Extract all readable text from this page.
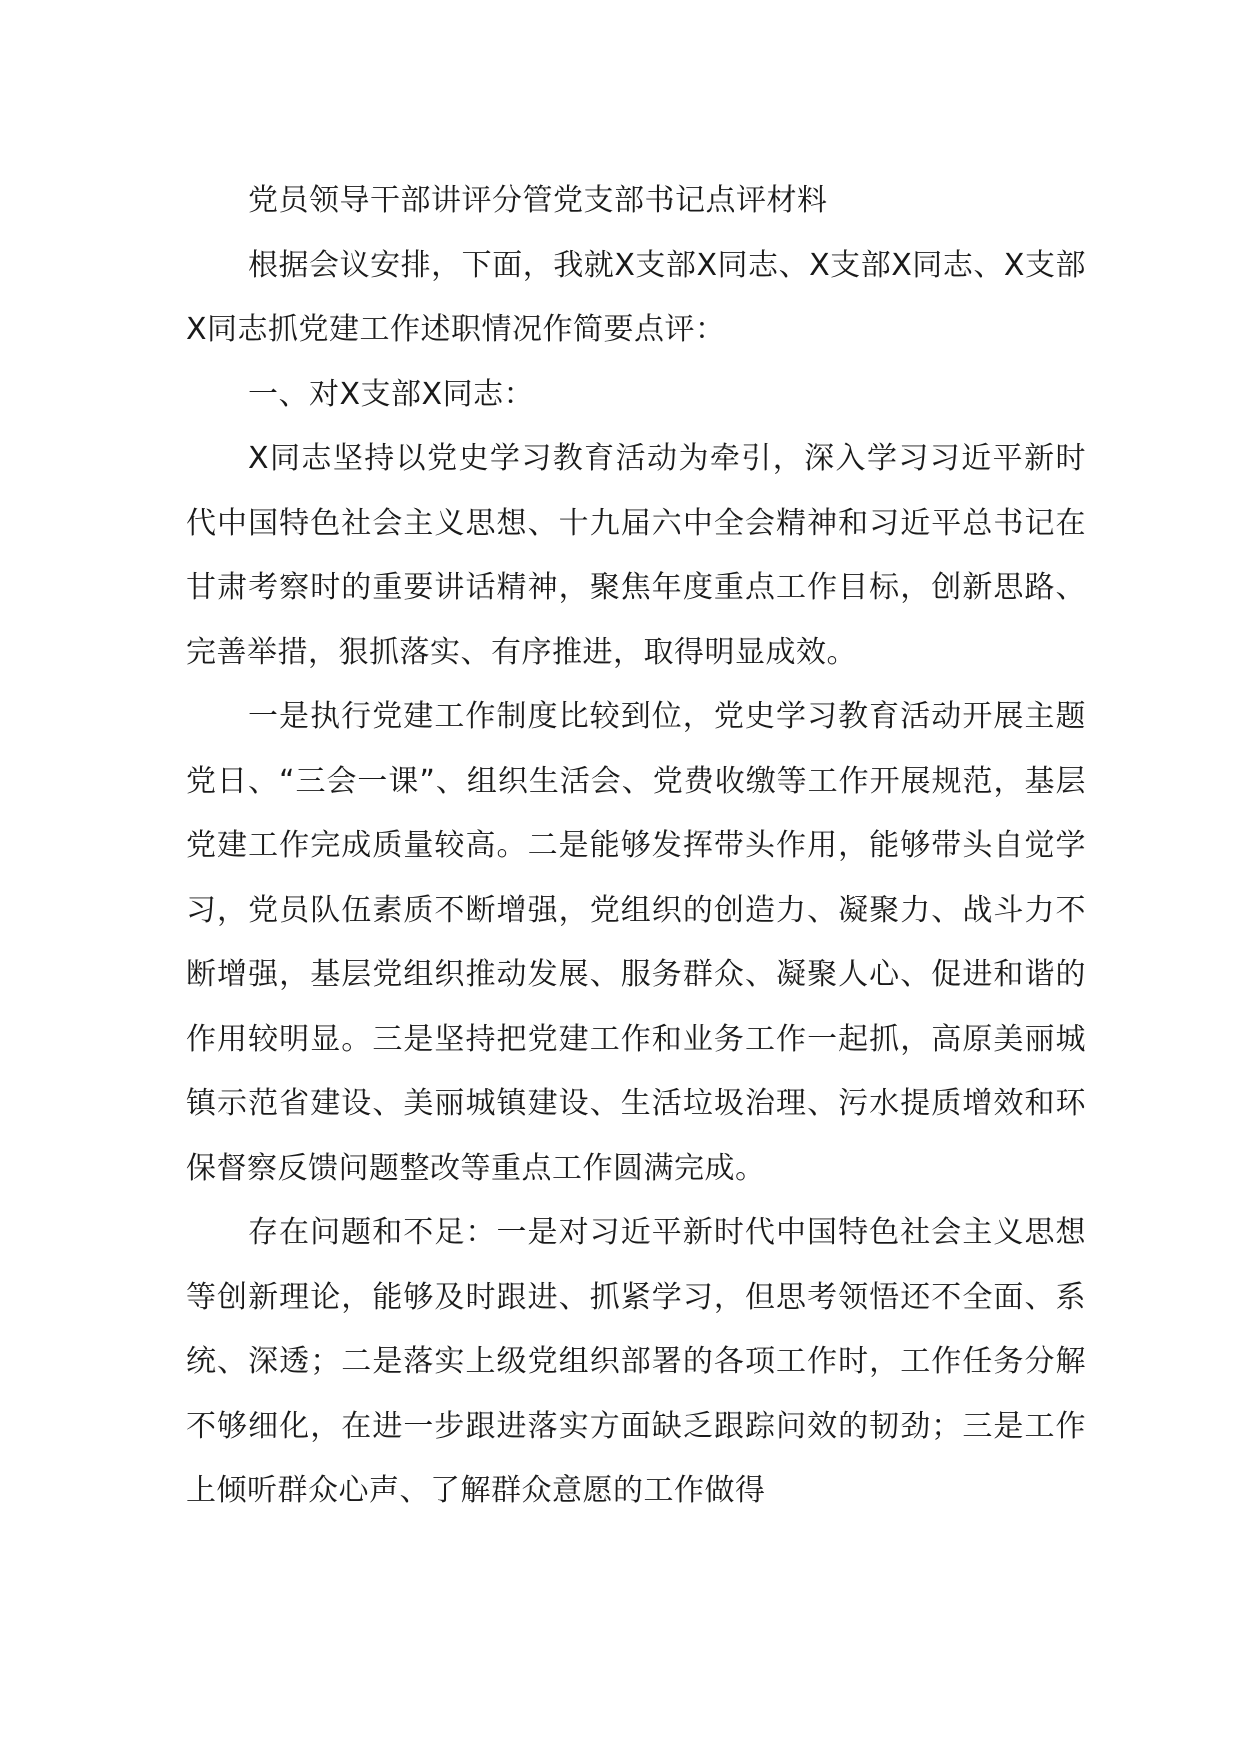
党员领导干部讲评分管党支部书记点评材料

根据会议安排，下面，我就X支部X同志、X支部X同志、X支部X同志抓党建工作述职情况作简要点评：

一、对X支部X同志：

X同志坚持以党史学习教育活动为牵引，深入学习习近平新时代中国特色社会主义思想、十九届六中全会精神和习近平总书记在甘肃考察时的重要讲话精神，聚焦年度重点工作目标，创新思路、完善举措，狠抓落实、有序推进，取得明显成效。

一是执行党建工作制度比较到位，党史学习教育活动开展主题党日、“三会一课”、组织生活会、党费收缴等工作开展规范，基层党建工作完成质量较高。二是能够发挥带头作用，能够带头自觉学习，党员队伍素质不断增强，党组织的创造力、凝聚力、战斗力不断增强，基层党组织推动发展、服务群众、凝聚人心、促进和谐的作用较明显。三是坚持把党建工作和业务工作一起抓，高原美丽城镇示范省建设、美丽城镇建设、生活垃圾治理、污水提质增效和环保督察反馈问题整改等重点工作圆满完成。

存在问题和不足：一是对习近平新时代中国特色社会主义思想等创新理论，能够及时跟进、抓紧学习，但思考领悟还不全面、系统、深透；二是落实上级党组织部署的各项工作时，工作任务分解不够细化，在进一步跟进落实方面缺乏跟踪问效的韧劲；三是工作上倾听群众心声、了解群众意愿的工作做得
